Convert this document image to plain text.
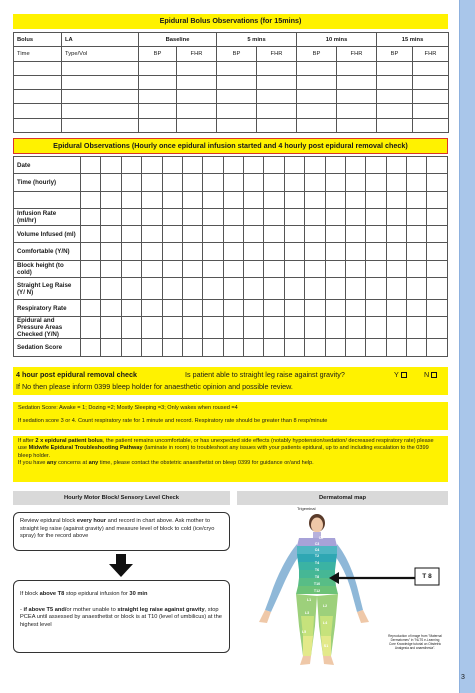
Epidural Bolus Observations (for 15mins)
Bolus	LA	Baseline		5 mins		10 mins		15 mins	
Time	Type/Vol	BP	FHR	BP	FHR	BP	FHR	BP	FHR

Epidural Observations (Hourly once epidural infusion started and 4 hourly post epidural removal check)
Date																		
Time (hourly)																		

Infusion Rate (ml/hr)																		
Volume Infused (ml)																		
Comfortable (Y/N)																		
Block height (to cold)																		
Straight Leg Raise (Y/ N)																		
Respiratory Rate																		
Epidural and Pressure Areas Checked (Y/N)																		
Sedation Score																		
4 hour post epidural removal check	Is patient able to straight leg raise against gravity?	Y	N
If No then please inform 0399 bleep holder for anaesthetic opinion and possible review.
Sedation Score: Awake = 1; Dozing =2; Mostly Sleeping =3; Only wakes when roused =4
If sedation score 3 or 4. Count respiratory rate for 1 minute and record. Respiratory rate should be greater than 8 resp/minute
If after 2 x epidural patient bolus, the patient remains uncomfortable, or has unexpected side effects (notably hypotension/sedation/ decreased respiratory rate) please use Midwife Epidural Troubleshooting Pathway (laminate in room) to troubleshoot any issues with your patients epidural, up to and including escalation to the 0399 bleep holder.
If you have any concerns at any time, please contact the obstetric anaesthetist on bleep 0399 for guidance or/and help.
Hourly Motor Block/ Sensory Level Check
Review epidural block every hour and record in chart above. Ask mother to straight leg raise (against gravity) and measure level of block to cold (ice/cryo spray) for the record above
If block above T8 stop epidural infusion for 30 min
- if above T5 and/or mother unable to straight leg raise against gravity, stop PCEA until assessed by anaesthetist or block is at T10 (level of umbilicus) at the highest level
Dermatomal map
Trigeminal
C2
C3
C4
T2
T4
T6
T8
T10
T12
L1
L2
L3
L4
L5
S1
T 8
Reproduction of image from "Maternal Dermatomes" in "NLTS e-Learning Core Knowledge tutorial on Obstetric Analgesia and anaesthesia".
3
